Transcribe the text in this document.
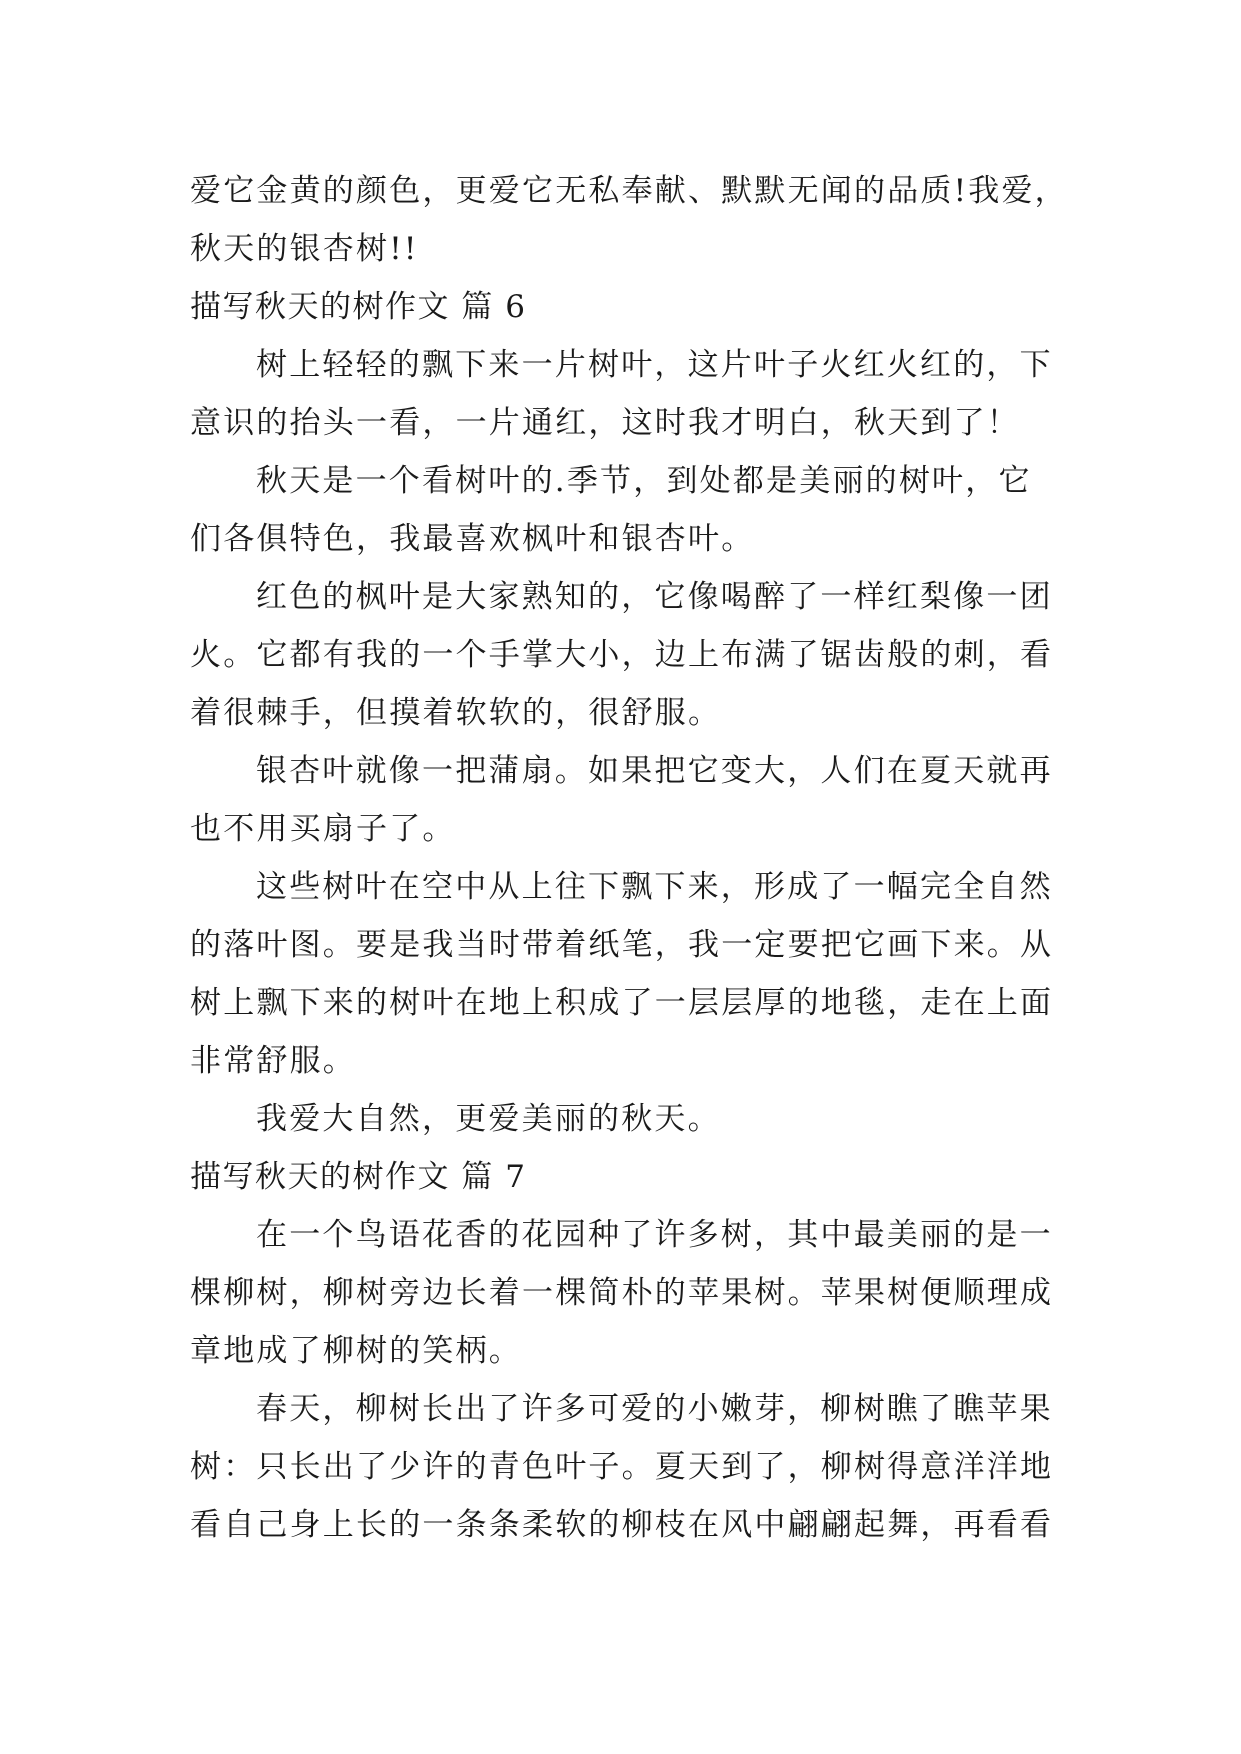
爱它金黄的颜色，更爱它无私奉献、默默无闻的品质!我爱，
秋天的银杏树!!
描写秋天的树作文 篇 6
树上轻轻的飘下来一片树叶，这片叶子火红火红的，下
意识的抬头一看，一片通红，这时我才明白，秋天到了！
秋天是一个看树叶的.季节，到处都是美丽的树叶，它
们各俱特色，我最喜欢枫叶和银杏叶。
红色的枫叶是大家熟知的，它像喝醉了一样红梨像一团
火。它都有我的一个手掌大小，边上布满了锯齿般的刺，看
着很棘手，但摸着软软的，很舒服。
银杏叶就像一把蒲扇。如果把它变大，人们在夏天就再
也不用买扇子了。
这些树叶在空中从上往下飘下来，形成了一幅完全自然
的落叶图。要是我当时带着纸笔，我一定要把它画下来。从
树上飘下来的树叶在地上积成了一层层厚的地毯，走在上面
非常舒服。
我爱大自然，更爱美丽的秋天。
描写秋天的树作文 篇 7
在一个鸟语花香的花园种了许多树，其中最美丽的是一
棵柳树，柳树旁边长着一棵简朴的苹果树。苹果树便顺理成
章地成了柳树的笑柄。
春天，柳树长出了许多可爱的小嫩芽，柳树瞧了瞧苹果
树：只长出了少许的青色叶子。夏天到了，柳树得意洋洋地
看自己身上长的一条条柔软的柳枝在风中翩翩起舞，再看看
